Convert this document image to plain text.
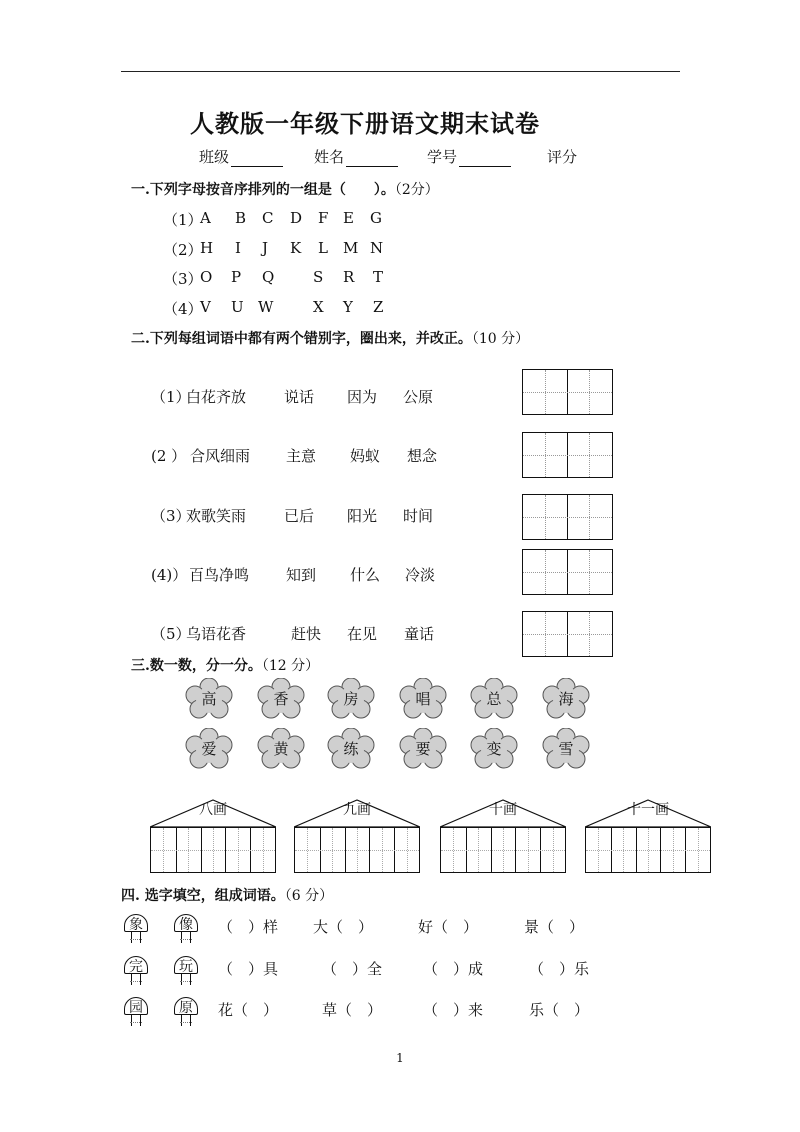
人教版一年级下册语文期末试卷
班级	姓名	学号	评分
一.下列字母按音序排列的一组是（　　）。（2分）
（1）
A B C D F E G
（2）
H I J K L M N
（3）
O P Q	S R T
（4）
V U W	X Y Z
二.下列每组词语中都有两个错别字，圈出来，并改正。（10 分）
（1）
白花齐放	说话 因为 公原
(2 ） 合风细雨 主意 妈蚁 想念
（3）
欢歌笑雨	已后 阳光 时间
(4)） 百鸟净鸣 知到 什么 冷淡
（5）
乌语花香	赶快 在见 童话
三.数一数，分一分。（12 分）
高	香	房	唱	总	海
爱	黄	练	要	变	雪
八画	九画	十画	十一画
四. 选字填空，组成词语。（6 分）
象	像	（　）样 大（　）	好（　）	景（　）
完	玩	（　）具	（　）全	（　）成	（　）乐
园	原	花（　）	草（　）	（　）来	乐（　）
1
